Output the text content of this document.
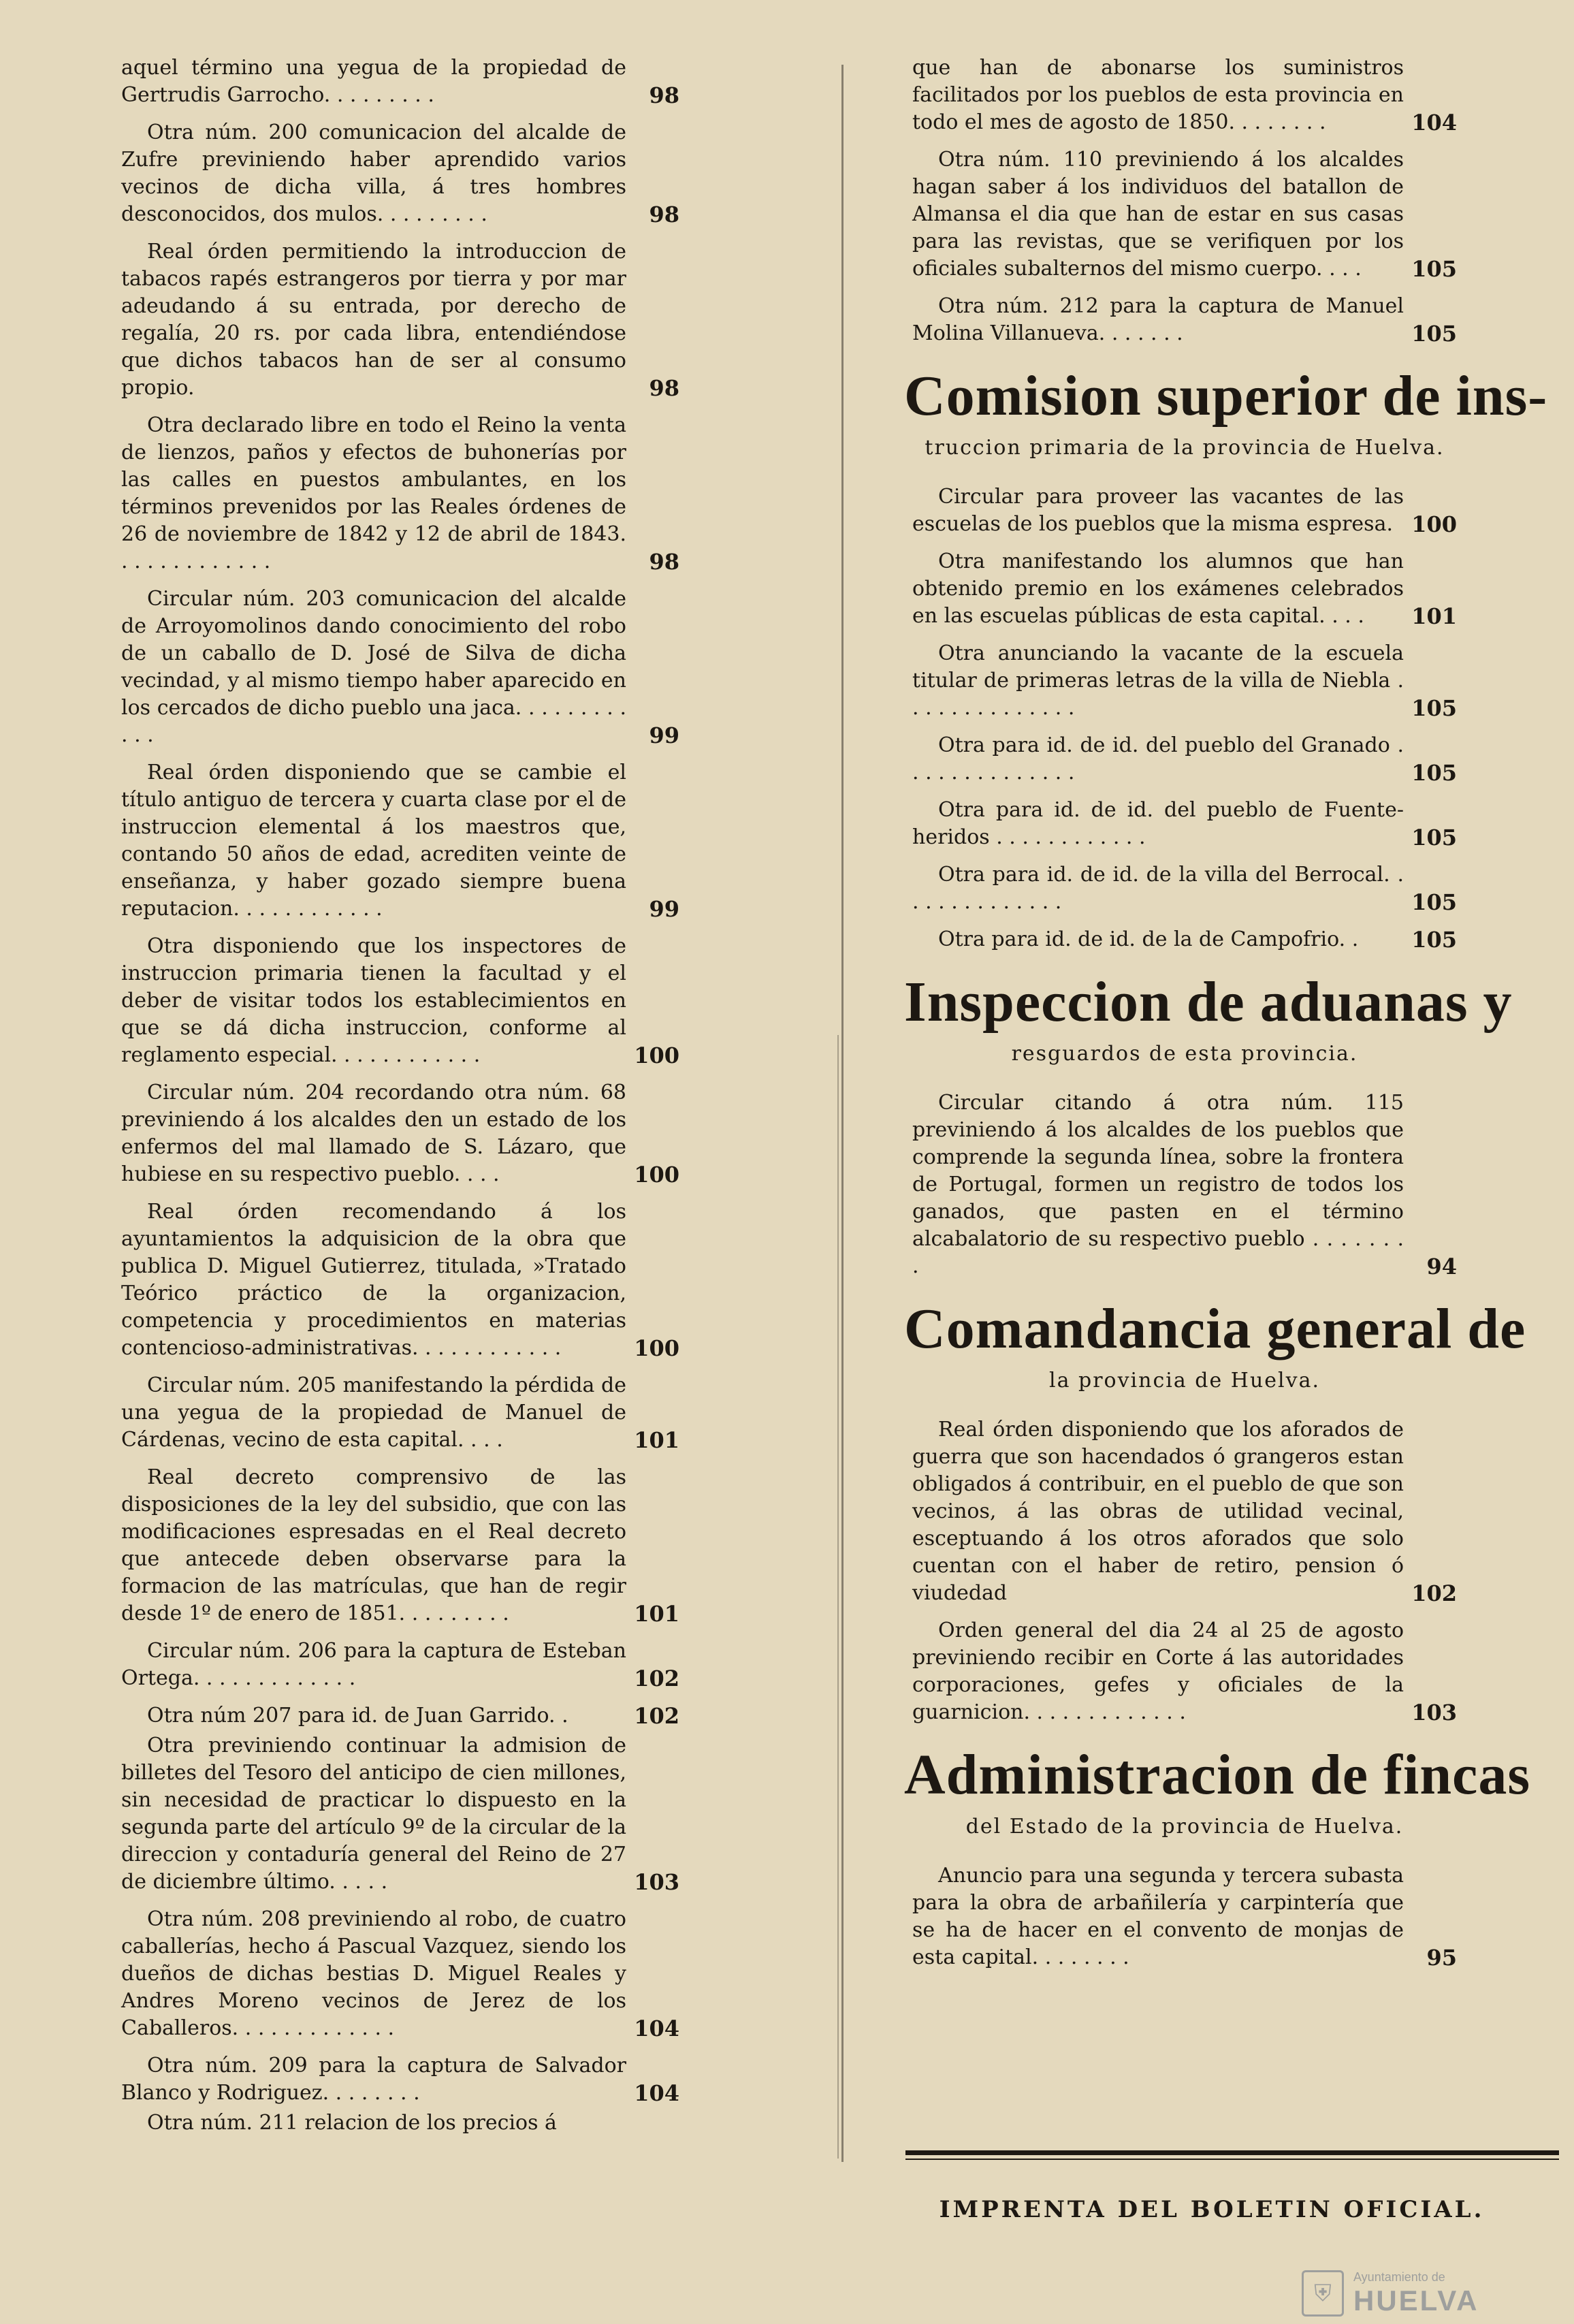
aquel término una yegua de la propiedad de Gertrudis Garrocho. . . . . . . . .	98
Otra núm. 200 comunicacion del alcalde de Zufre previniendo haber aprendido varios vecinos de dicha villa, á tres hombres desconocidos, dos mulos. . . . . . . . .	98
Real órden permitiendo la introduccion de tabacos rapés estrangeros por tierra y por mar adeudando á su entrada, por derecho de regalía, 20 rs. por cada libra, entendiéndose que dichos tabacos han de ser al consumo propio.	98
Otra declarado libre en todo el Reino la venta de lienzos, paños y efectos de buhonerías por las calles en puestos ambulantes, en los términos prevenidos por las Reales órdenes de 26 de noviembre de 1842 y 12 de abril de 1843. . . . . . . . . . . . .	98
Circular núm. 203 comunicacion del alcalde de Arroyomolinos dando conocimiento del robo de un caballo de D. José de Silva de dicha vecindad, y al mismo tiempo haber aparecido en los cercados de dicho pueblo una jaca. . . . . . . . . . . .	99
Real órden disponiendo que se cambie el título antiguo de tercera y cuarta clase por el de instruccion elemental á los maestros que, contando 50 años de edad, acrediten veinte de enseñanza, y haber gozado siempre buena reputacion. . . . . . . . . . . .	99
Otra disponiendo que los inspectores de instruccion primaria tienen la facultad y el deber de visitar todos los establecimientos en que se dá dicha instruccion, conforme al reglamento especial. . . . . . . . . . . .	100
Circular núm. 204 recordando otra núm. 68 previniendo á los alcaldes den un estado de los enfermos del mal llamado de S. Lázaro, que hubiese en su respectivo pueblo. . . .	100
Real órden recomendando á los ayuntamientos la adquisicion de la obra que publica D. Miguel Gutierrez, titulada, »Tratado Teórico práctico de la organizacion, competencia y procedimientos en materias contencioso-administrativas. . . . . . . . . . . .	100
Circular núm. 205 manifestando la pérdida de una yegua de la propiedad de Manuel de Cárdenas, vecino de esta capital. . . .	101
Real decreto comprensivo de las disposiciones de la ley del subsidio, que con las modificaciones espresadas en el Real decreto que antecede deben observarse para la formacion de las matrículas, que han de regir desde 1º de enero de 1851. . . . . . . . .	101
Circular núm. 206 para la captura de Esteban Ortega. . . . . . . . . . . . .	102
Otra núm 207 para id. de Juan Garrido. .	102
Otra previniendo continuar la admision de billetes del Tesoro del anticipo de cien millones, sin necesidad de practicar lo dispuesto en la segunda parte del artículo 9º de la circular de la direccion y contaduría general del Reino de 27 de diciembre último. . . . .	103
Otra núm. 208 previniendo al robo, de cuatro caballerías, hecho á Pascual Vazquez, siendo los dueños de dichas bestias D. Miguel Reales y Andres Moreno vecinos de Jerez de los Caballeros. . . . . . . . . . . . .	104
Otra núm. 209 para la captura de Salvador Blanco y Rodriguez. . . . . . . .	104
Otra núm. 211 relacion de los precios á
que han de abonarse los suministros facilitados por los pueblos de esta provincia en todo el mes de agosto de 1850. . . . . . . .	104
Otra núm. 110 previniendo á los alcaldes hagan saber á los individuos del batallon de Almansa el dia que han de estar en sus casas para las revistas, que se verifiquen por los oficiales subalternos del mismo cuerpo. . . .	105
Otra núm. 212 para la captura de Manuel Molina Villanueva. . . . . . .	105
Comision superior de ins-
truccion primaria de la provincia de Huelva.
Circular para proveer las vacantes de las escuelas de los pueblos que la misma espresa. 100
Otra manifestando los alumnos que han obtenido premio en los exámenes celebrados en las escuelas públicas de esta capital. . . .	101
Otra anunciando la vacante de la escuela titular de primeras letras de la villa de Niebla . . . . . . . . . . . . . .	105
Otra para id. de id. del pueblo del Granado . . . . . . . . . . . . . .	105
Otra para id. de id. del pueblo de Fuente-heridos . . . . . . . . . . . .	105
Otra para id. de id. de la villa del Berrocal. . . . . . . . . . . . . .	105
Otra para id. de id. de la de Campofrio. .	105
Inspeccion de aduanas y
resguardos de esta provincia.
Circular citando á otra núm. 115 previniendo á los alcaldes de los pueblos que comprende la segunda línea, sobre la frontera de Portugal, formen un registro de todos los ganados, que pasten en el término alcabalatorio de su respectivo pueblo . . . . . . . .	94
Comandancia general de
la provincia de Huelva.
Real órden disponiendo que los aforados de guerra que son hacendados ó grangeros estan obligados á contribuir, en el pueblo de que son vecinos, á las obras de utilidad vecinal, esceptuando á los otros aforados que solo cuentan con el haber de retiro, pension ó viudedad	102
Orden general del dia 24 al 25 de agosto previniendo recibir en Corte á las autoridades corporaciones, gefes y oficiales de la guarnicion. . . . . . . . . . . . .	103
Administracion de fincas
del Estado de la provincia de Huelva.
Anuncio para una segunda y tercera subasta para la obra de arbañilería y carpintería que se ha de hacer en el convento de monjas de esta capital. . . . . . . .	95
IMPRENTA DEL BOLETIN OFICIAL.
⛨
Ayuntamiento de
HUELVA
